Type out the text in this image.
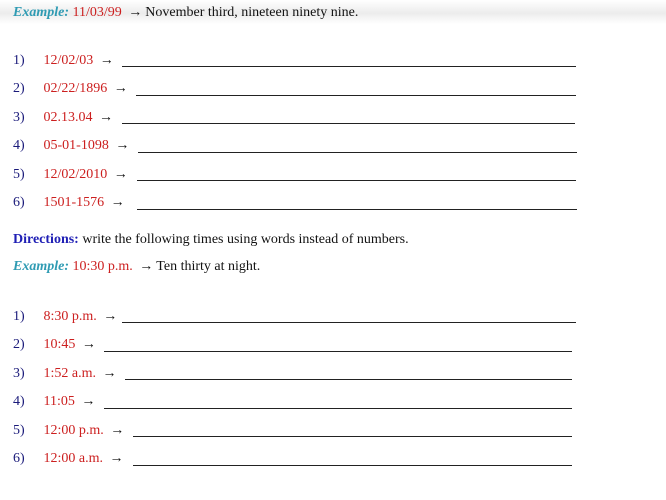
Example: 11/03/99 → November third, nineteen ninety nine.
1) 12/02/03 →
2) 02/22/1896 →
3) 02.13.04 →
4) 05-01-1098 →
5) 12/02/2010 →
6) 1501-1576 →
Directions: write the following times using words instead of numbers.
Example: 10:30 p.m. → Ten thirty at night.
1) 8:30 p.m. →
2) 10:45 →
3) 1:52 a.m. →
4) 11:05 →
5) 12:00 p.m. →
6) 12:00 a.m. →
